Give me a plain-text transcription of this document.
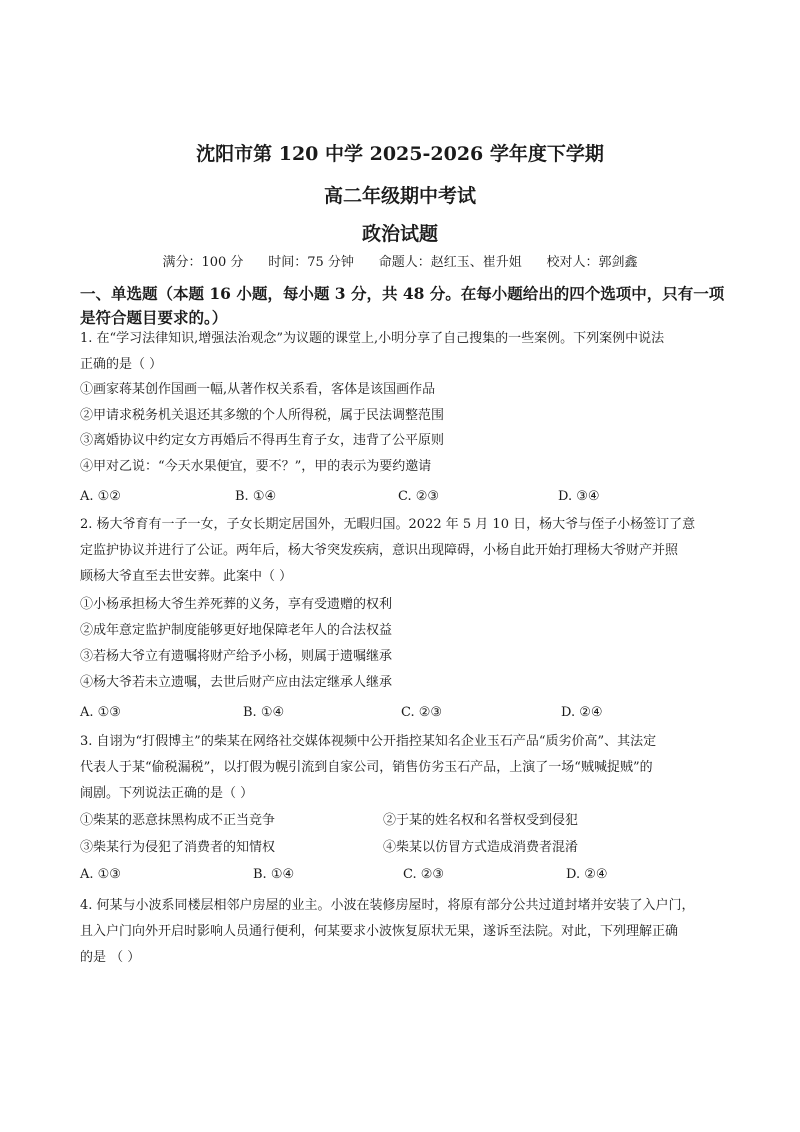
沈阳市第 120 中学 2025-2026 学年度下学期
高二年级期中考试
政治试题
满分：100 分      时间：75 分钟      命题人：赵红玉、崔升姐      校对人：郭剑鑫
一、单选题（本题 16 小题，每小题 3 分，共 48 分。在每小题给出的四个选项中，只有一项
是符合题目要求的。）
1. 在“学习法律知识,增强法治观念”为议题的课堂上,小明分享了自己搜集的一些案例。下列案例中说法
正确的是（ ）
①画家蒋某创作国画一幅,从著作权关系看，客体是该国画作品
②甲请求税务机关退还其多缴的个人所得税，属于民法调整范围
③离婚协议中约定女方再婚后不得再生育子女，违背了公平原则
④甲对乙说：“今天水果便宜，要不？”，甲的表示为要约邀请
A. ①②	B. ①④	C. ②③	D. ③④
2. 杨大爷育有一子一女，子女长期定居国外，无暇归国。2022 年 5 月 10 日，杨大爷与侄子小杨签订了意
定监护协议并进行了公证。两年后，杨大爷突发疾病，意识出现障碍，小杨自此开始打理杨大爷财产并照
顾杨大爷直至去世安葬。此案中（ ）
①小杨承担杨大爷生养死葬的义务，享有受遗赠的权利
②成年意定监护制度能够更好地保障老年人的合法权益
③若杨大爷立有遗嘱将财产给予小杨，则属于遗嘱继承
④杨大爷若未立遗嘱，去世后财产应由法定继承人继承
A. ①③	B. ①④	C. ②③	D. ②④
3. 自诩为“打假博主”的柴某在网络社交媒体视频中公开指控某知名企业玉石产品“质劣价高”、其法定
代表人于某“偷税漏税”，以打假为幌引流到自家公司，销售仿劣玉石产品，上演了一场“贼喊捉贼”的
闹剧。下列说法正确的是（ ）
①柴某的恶意抹黑构成不正当竞争	②于某的姓名权和名誉权受到侵犯
③柴某行为侵犯了消费者的知情权	④柴某以仿冒方式造成消费者混淆
A. ①③	B. ①④	C. ②③	D. ②④
4. 何某与小波系同楼层相邻户房屋的业主。小波在装修房屋时，将原有部分公共过道封堵并安装了入户门，
且入户门向外开启时影响人员通行便利，何某要求小波恢复原状无果，遂诉至法院。对此，下列理解正确
的是 （ ）
